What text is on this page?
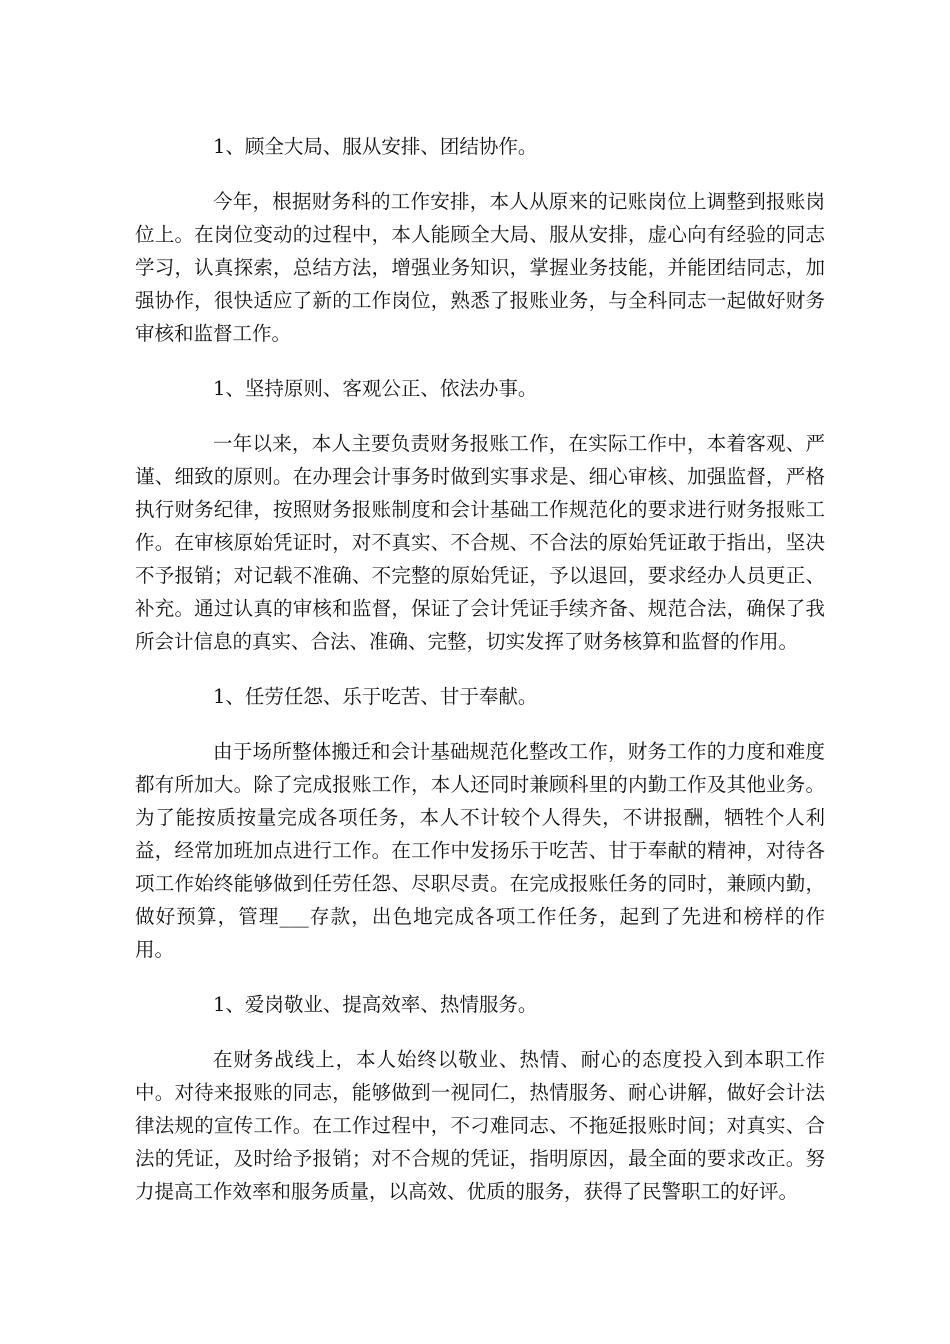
1、顾全大局、服从安排、团结协作。

今年，根据财务科的工作安排，本人从原来的记账岗位上调整到报账岗位上。在岗位变动的过程中，本人能顾全大局、服从安排，虚心向有经验的同志学习，认真探索，总结方法，增强业务知识，掌握业务技能，并能团结同志，加强协作，很快适应了新的工作岗位，熟悉了报账业务，与全科同志一起做好财务审核和监督工作。

1、坚持原则、客观公正、依法办事。

一年以来，本人主要负责财务报账工作，在实际工作中，本着客观、严谨、细致的原则。在办理会计事务时做到实事求是、细心审核、加强监督，严格执行财务纪律，按照财务报账制度和会计基础工作规范化的要求进行财务报账工作。在审核原始凭证时，对不真实、不合规、不合法的原始凭证敢于指出，坚决不予报销；对记载不准确、不完整的原始凭证，予以退回，要求经办人员更正、补充。通过认真的审核和监督，保证了会计凭证手续齐备、规范合法，确保了我所会计信息的真实、合法、准确、完整，切实发挥了财务核算和监督的作用。

1、任劳任怨、乐于吃苦、甘于奉献。

由于场所整体搬迁和会计基础规范化整改工作，财务工作的力度和难度都有所加大。除了完成报账工作，本人还同时兼顾科里的内勤工作及其他业务。为了能按质按量完成各项任务，本人不计较个人得失，不讲报酬，牺牲个人利益，经常加班加点进行工作。在工作中发扬乐于吃苦、甘于奉献的精神，对待各项工作始终能够做到任劳任怨、尽职尽责。在完成报账任务的同时，兼顾内勤，做好预算，管理___存款，出色地完成各项工作任务，起到了先进和榜样的作用。

1、爱岗敬业、提高效率、热情服务。

在财务战线上，本人始终以敬业、热情、耐心的态度投入到本职工作中。对待来报账的同志，能够做到一视同仁，热情服务、耐心讲解，做好会计法律法规的宣传工作。在工作过程中，不刁难同志、不拖延报账时间；对真实、合法的凭证，及时给予报销；对不合规的凭证，指明原因，最全面的要求改正。努力提高工作效率和服务质量，以高效、优质的服务，获得了民警职工的好评。
